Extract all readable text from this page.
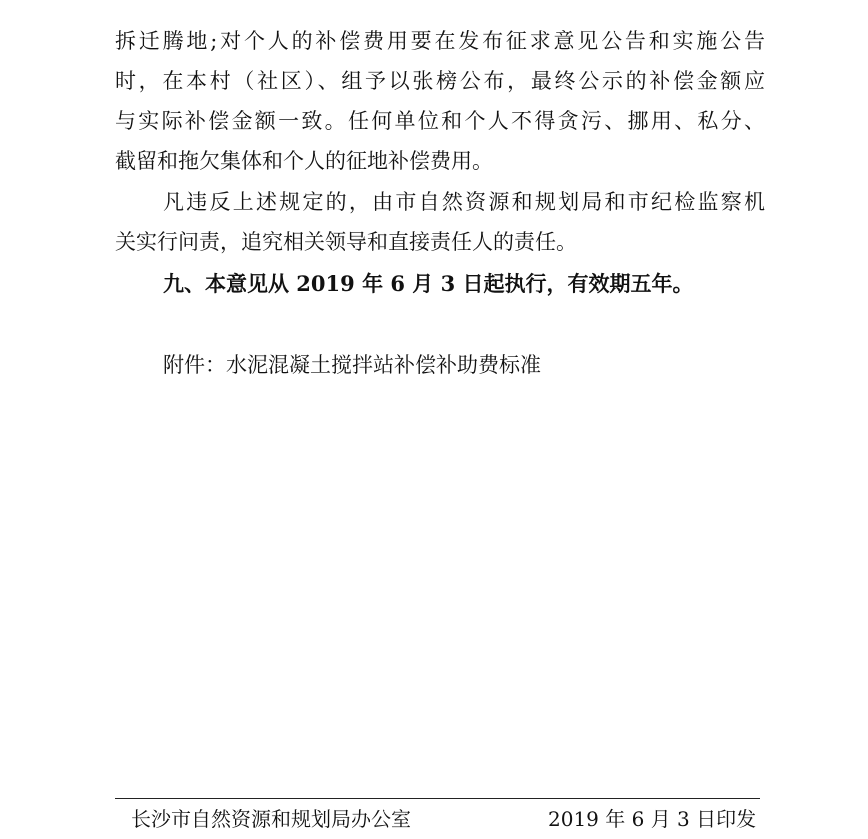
拆迁腾地;对个人的补偿费用要在发布征求意见公告和实施公告
时，在本村（社区）、组予以张榜公布，最终公示的补偿金额应
与实际补偿金额一致。任何单位和个人不得贪污、挪用、私分、
截留和拖欠集体和个人的征地补偿费用。
凡违反上述规定的，由市自然资源和规划局和市纪检监察机
关实行问责，追究相关领导和直接责任人的责任。
九、本意见从 2019 年 6 月 3 日起执行，有效期五年。
附件：水泥混凝土搅拌站补偿补助费标准
长沙市自然资源和规划局办公室	2019 年 6 月 3 日印发
